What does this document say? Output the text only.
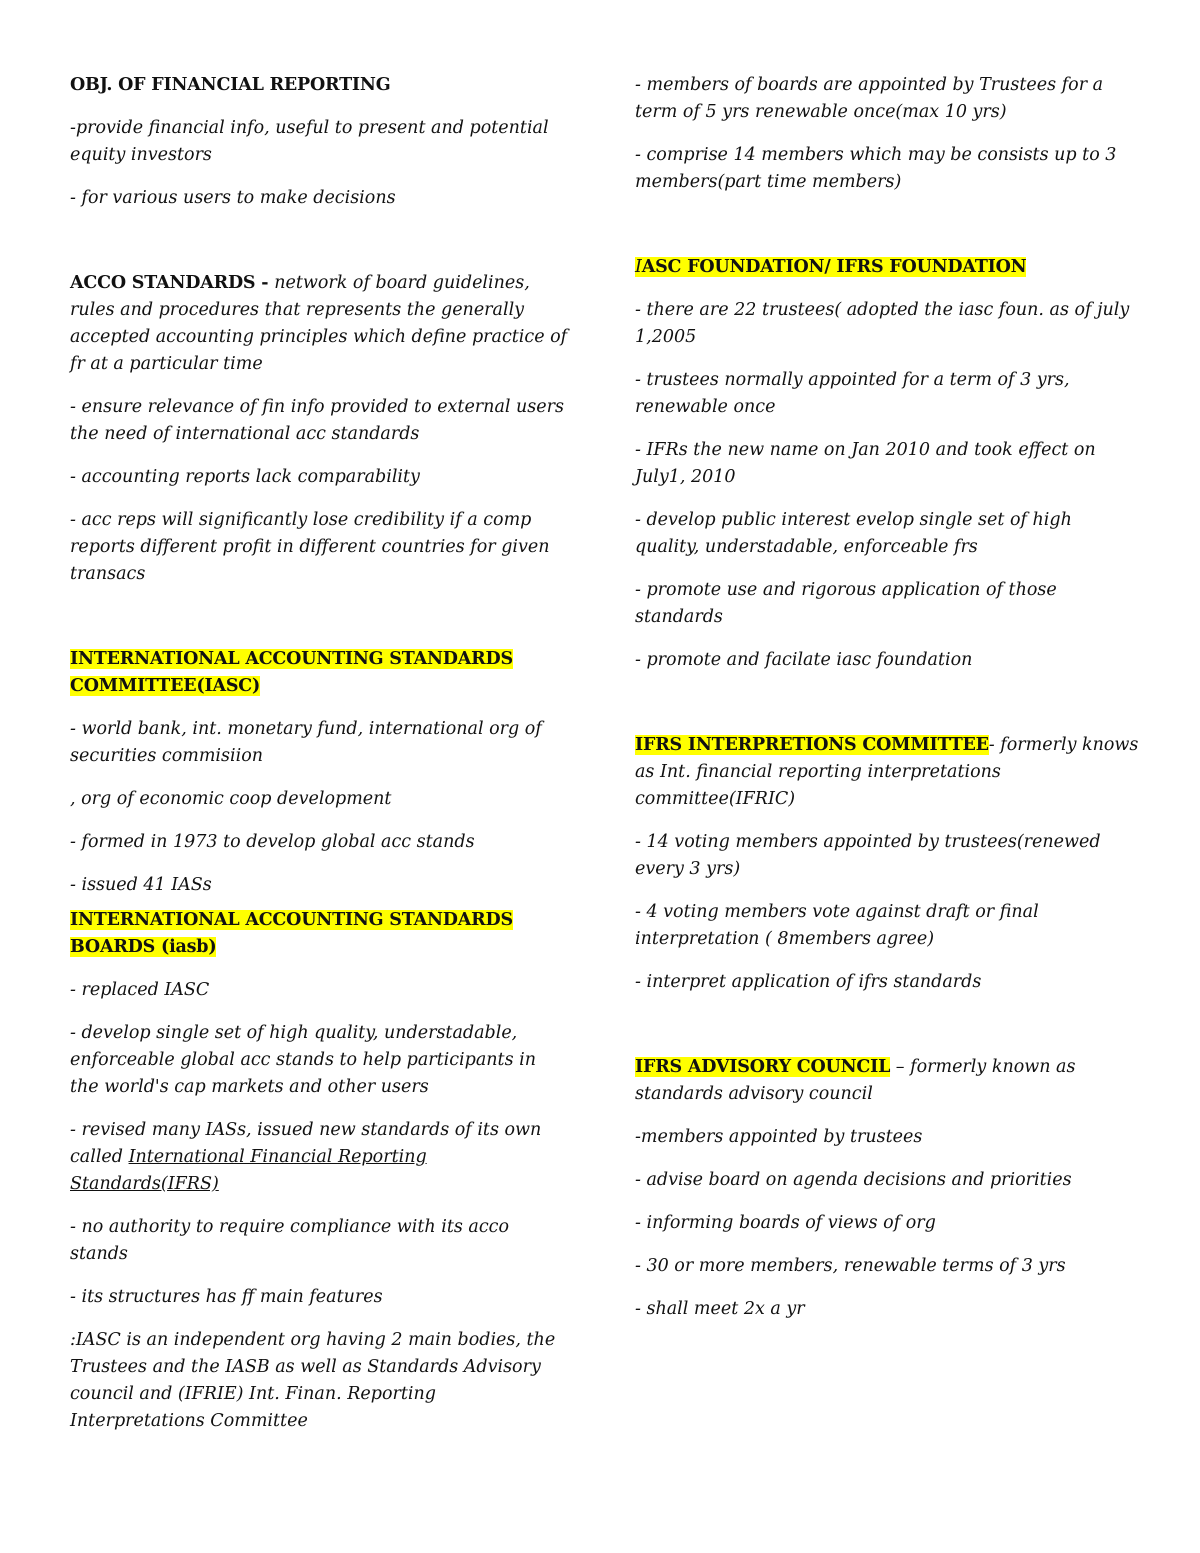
OBJ. OF FINANCIAL REPORTING

-provide financial info, useful to present and potential equity investors

- for various users to make decisions

ACCO STANDARDS - network of board guidelines, rules and procedures that represents the generally accepted accounting principles which define practice of fr at a particular time

- ensure relevance of fin info provided to external users the need of international acc standards

- accounting reports lack comparability

- acc reps will significantly lose credibility if a comp reports different profit in different countries for given transacs

INTERNATIONAL ACCOUNTING STANDARDS
COMMITTEE(IASC)

- world bank, int. monetary fund, international org of securities commisiion

, org of economic coop development

- formed in 1973 to develop global acc stands

- issued 41 IASs

INTERNATIONAL ACCOUNTING STANDARDS
BOARDS (iasb)

- replaced IASC

- develop single set of high quality, understadable, enforceable global acc stands to help participants in the world's cap markets and other users

- revised many IASs, issued new standards of its own called International Financial Reporting Standards(IFRS)

- no authority to require compliance with its acco stands

- its structures has ff main features

:IASC is an independent org having 2 main bodies, the Trustees and the IASB as well as Standards Advisory council and (IFRIE) Int. Finan. Reporting Interpretations Committee

- members of boards are appointed by Trustees for a term of 5 yrs renewable once(max 10 yrs)

- comprise 14 members which may be consists up to 3 members(part time members)

IASC FOUNDATION/ IFRS FOUNDATION

- there are 22 trustees( adopted the iasc foun. as of july 1,2005

- trustees normally appointed for a term of 3 yrs, renewable once

- IFRs the new name on Jan 2010 and took effect on July1, 2010

- develop public interest evelop single set of high quality, understadable, enforceable frs

- promote use and rigorous application of those standards

- promote and facilate iasc foundation

IFRS INTERPRETIONS COMMITTEE- formerly knows as Int. financial reporting interpretations committee(IFRIC)

- 14 voting members appointed by trustees(renewed every 3 yrs)

- 4 voting members vote against draft or final interpretation ( 8members agree)

- interpret application of ifrs standards

IFRS ADVISORY COUNCIL – formerly known as standards advisory council

-members appointed by trustees

- advise board on agenda decisions and priorities

- informing boards of views of org

- 30 or more members, renewable terms of 3 yrs

- shall meet 2x a yr
